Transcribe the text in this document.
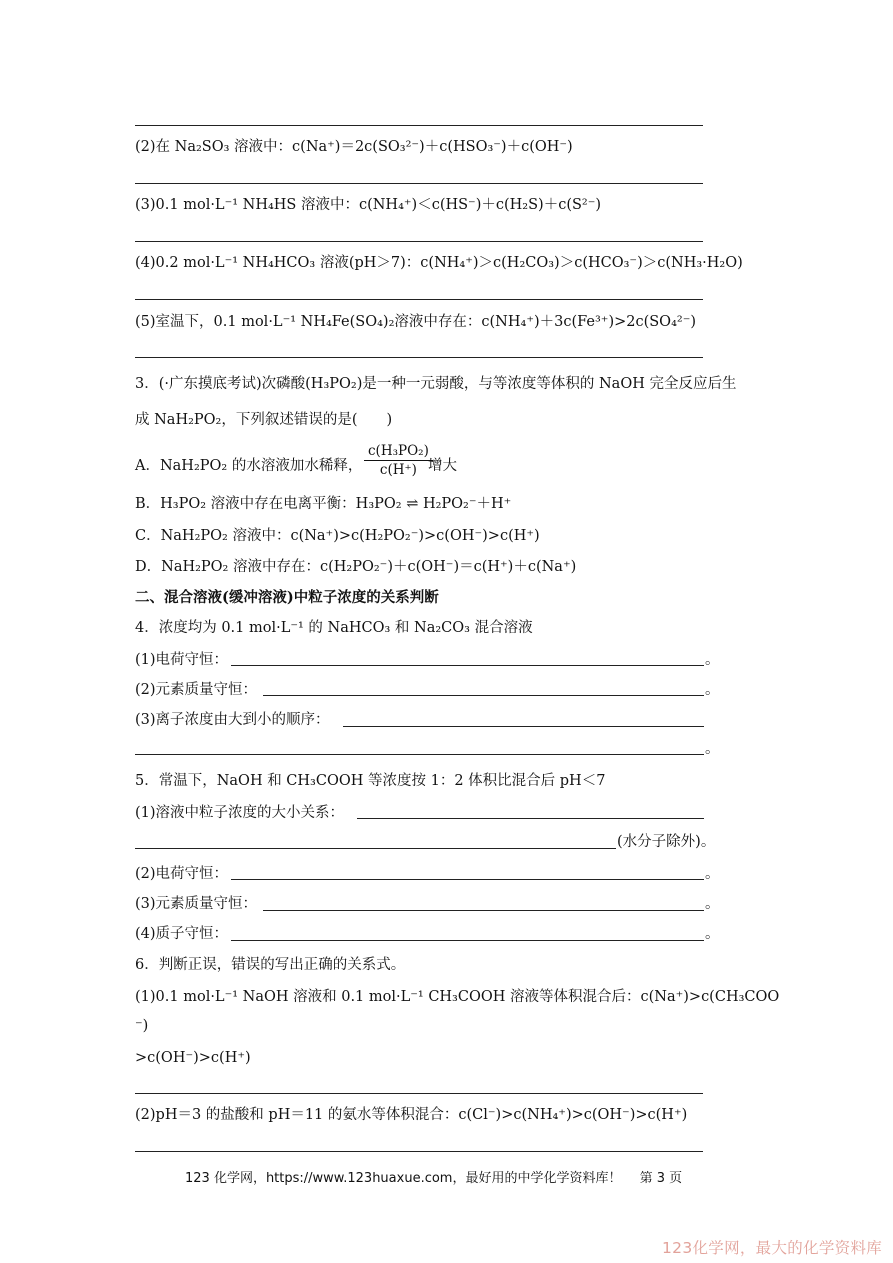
(2)在 Na₂SO₃ 溶液中：c(Na⁺)＝2c(SO₃²⁻)＋c(HSO₃⁻)＋c(OH⁻)
(3)0.1 mol·L⁻¹ NH₄HS 溶液中：c(NH₄⁺)＜c(HS⁻)＋c(H₂S)＋c(S²⁻)
(4)0.2 mol·L⁻¹ NH₄HCO₃ 溶液(pH＞7)：c(NH₄⁺)＞c(H₂CO₃)＞c(HCO₃⁻)＞c(NH₃·H₂O)
(5)室温下，0.1 mol·L⁻¹ NH₄Fe(SO₄)₂溶液中存在：c(NH₄⁺)＋3c(Fe³⁺)>2c(SO₄²⁻)
3．(·广东摸底考试)次磷酸(H₃PO₂)是一种一元弱酸，与等浓度等体积的 NaOH 完全反应后生
成 NaH₂PO₂，下列叙述错误的是(　　)
A．NaH₂PO₂ 的水溶液加水稀释， $\frac{\text{c(H₃PO₂)}}{c(H^+)}$
增大
B．H₃PO₂ 溶液中存在电离平衡：H₃PO₂ ⇌ H₂PO₂⁻＋H⁺
C．NaH₂PO₂ 溶液中：c(Na⁺)>c(H₂PO₂⁻)>c(OH⁻)>c(H⁺)
D．NaH₂PO₂ 溶液中存在：c(H₂PO₂⁻)＋c(OH⁻)＝c(H⁺)＋c(Na⁺)
二、混合溶液(缓冲溶液)中粒子浓度的关系判断
4．浓度均为 0.1 mol·L⁻¹ 的 NaHCO₃ 和 Na₂CO₃ 混合溶液
(1)电荷守恒：	。
(2)元素质量守恒：	。
(3)离子浓度由大到小的顺序：
。
5．常温下，NaOH 和 CH₃COOH 等浓度按 1：2 体积比混合后 pH＜7
(1)溶液中粒子浓度的大小关系：
(水分子除外)。
(2)电荷守恒：	。
(3)元素质量守恒：	。
(4)质子守恒：	。
6．判断正误，错误的写出正确的关系式。
(1)0.1 mol·L⁻¹ NaOH 溶液和 0.1 mol·L⁻¹ CH₃COOH 溶液等体积混合后：c(Na⁺)>c(CH₃COO
⁻)
>c(OH⁻)>c(H⁺)
(2)pH＝3 的盐酸和 pH＝11 的氨水等体积混合：c(Cl⁻)>c(NH₄⁺)>c(OH⁻)>c(H⁺)
123 化学网，https://www.123huaxue.com，最好用的中学化学资料库！ 第 3 页
123化学网，最大的化学资料库
